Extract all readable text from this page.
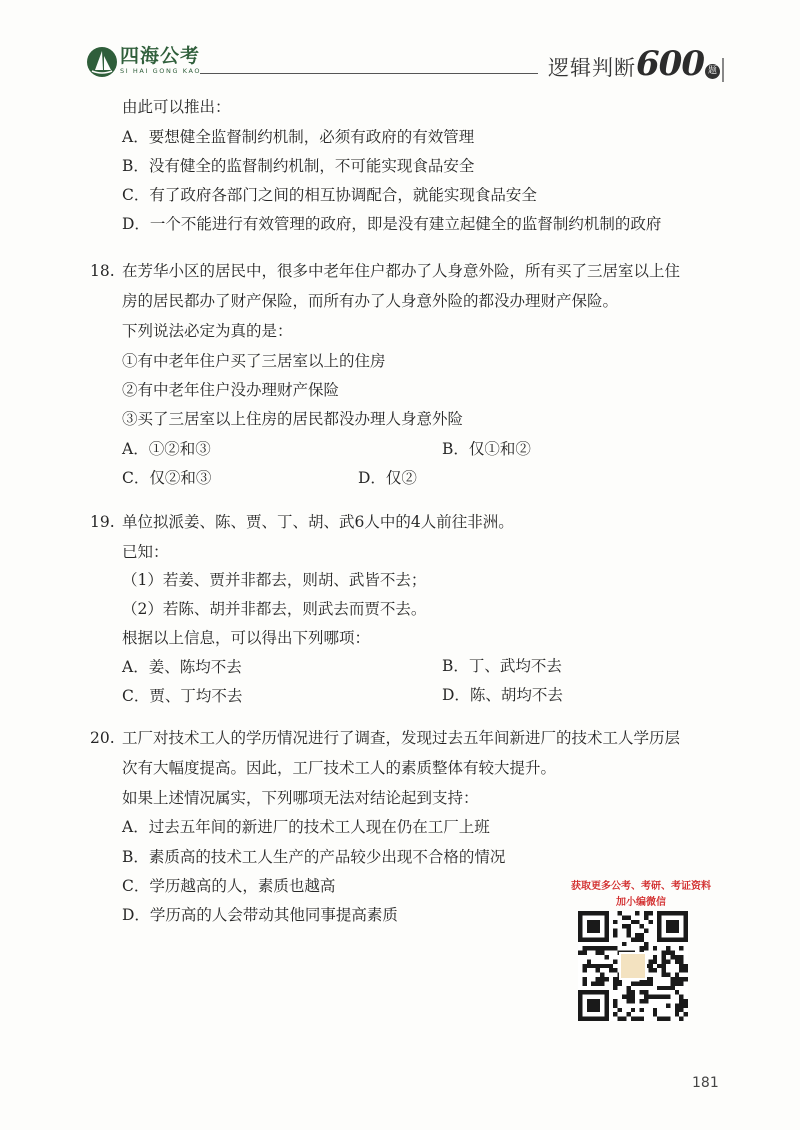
四海公考
SI HAI GONG KAO	逻辑判断600 题
由此可以推出：
A．要想健全监督制约机制，必须有政府的有效管理
B．没有健全的监督制约机制，不可能实现食品安全
C．有了政府各部门之间的相互协调配合，就能实现食品安全
D．一个不能进行有效管理的政府，即是没有建立起健全的监督制约机制的政府
18. 在芳华小区的居民中，很多中老年住户都办了人身意外险，所有买了三居室以上住
房的居民都办了财产保险，而所有办了人身意外险的都没办理财产保险。
下列说法必定为真的是：
①有中老年住户买了三居室以上的住房
②有中老年住户没办理财产保险
③买了三居室以上住房的居民都没办理人身意外险
A．①②和③	B．仅①和②
C．仅②和③	D．仅②
19. 单位拟派姜、陈、贾、丁、胡、武6人中的4人前往非洲。
已知：
（1）若姜、贾并非都去，则胡、武皆不去；
（2）若陈、胡并非都去，则武去而贾不去。
根据以上信息，可以得出下列哪项：
A．姜、陈均不去	B．丁、武均不去
C．贾、丁均不去	D．陈、胡均不去
20. 工厂对技术工人的学历情况进行了调查，发现过去五年间新进厂的技术工人学历层
次有大幅度提高。因此，工厂技术工人的素质整体有较大提升。
如果上述情况属实，下列哪项无法对结论起到支持：
A．过去五年间的新进厂的技术工人现在仍在工厂上班
B．素质高的技术工人生产的产品较少出现不合格的情况
C．学历越高的人，素质也越高
D．学历高的人会带动其他同事提高素质
获取更多公考、考研、考证资料
加小编微信
181
